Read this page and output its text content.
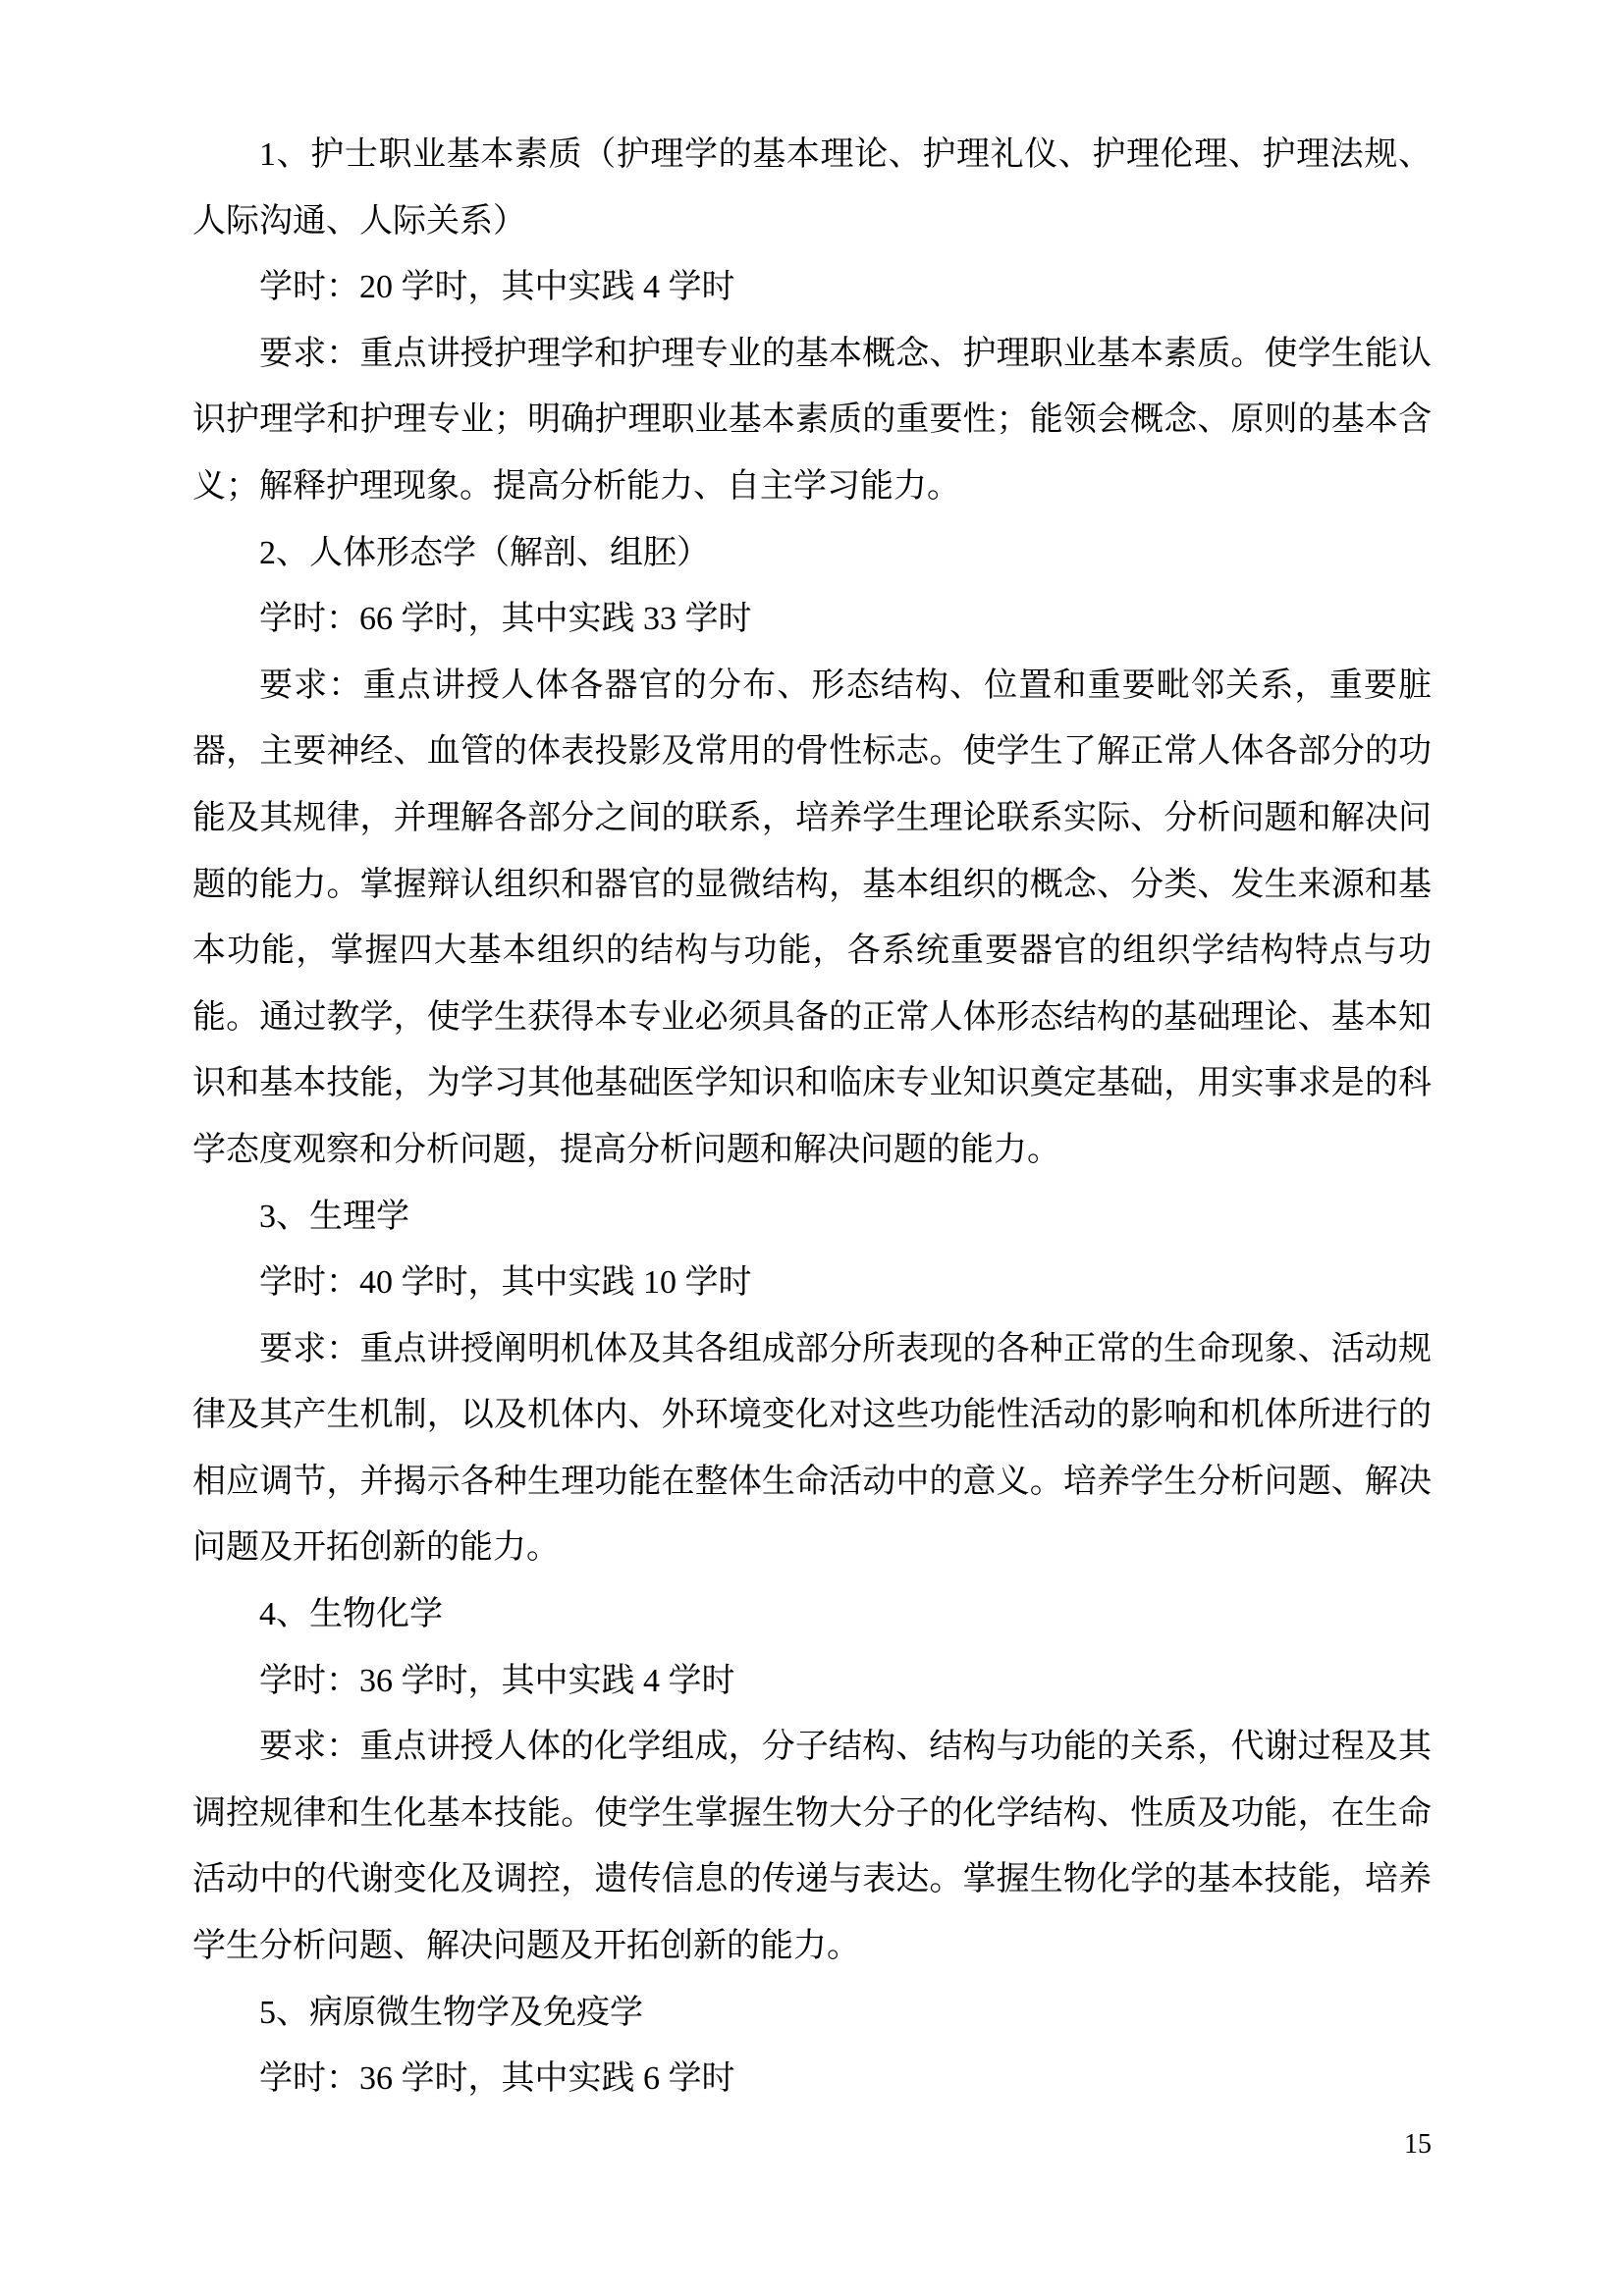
1、护士职业基本素质（护理学的基本理论、护理礼仪、护理伦理、护理法规、人际沟通、人际关系）

学时：20 学时，其中实践 4 学时

要求：重点讲授护理学和护理专业的基本概念、护理职业基本素质。使学生能认识护理学和护理专业；明确护理职业基本素质的重要性；能领会概念、原则的基本含义；解释护理现象。提高分析能力、自主学习能力。

2、人体形态学（解剖、组胚）

学时：66 学时，其中实践 33 学时

要求：重点讲授人体各器官的分布、形态结构、位置和重要毗邻关系，重要脏器，主要神经、血管的体表投影及常用的骨性标志。使学生了解正常人体各部分的功能及其规律，并理解各部分之间的联系，培养学生理论联系实际、分析问题和解决问题的能力。掌握辩认组织和器官的显微结构，基本组织的概念、分类、发生来源和基本功能，掌握四大基本组织的结构与功能，各系统重要器官的组织学结构特点与功能。通过教学，使学生获得本专业必须具备的正常人体形态结构的基础理论、基本知识和基本技能，为学习其他基础医学知识和临床专业知识奠定基础，用实事求是的科学态度观察和分析问题，提高分析问题和解决问题的能力。

3、生理学

学时：40 学时，其中实践 10 学时

要求：重点讲授阐明机体及其各组成部分所表现的各种正常的生命现象、活动规律及其产生机制，以及机体内、外环境变化对这些功能性活动的影响和机体所进行的相应调节，并揭示各种生理功能在整体生命活动中的意义。培养学生分析问题、解决问题及开拓创新的能力。

4、生物化学

学时：36 学时，其中实践 4 学时

要求：重点讲授人体的化学组成，分子结构、结构与功能的关系，代谢过程及其调控规律和生化基本技能。使学生掌握生物大分子的化学结构、性质及功能，在生命活动中的代谢变化及调控，遗传信息的传递与表达。掌握生物化学的基本技能，培养学生分析问题、解决问题及开拓创新的能力。

5、病原微生物学及免疫学

学时：36 学时，其中实践 6 学时

15
